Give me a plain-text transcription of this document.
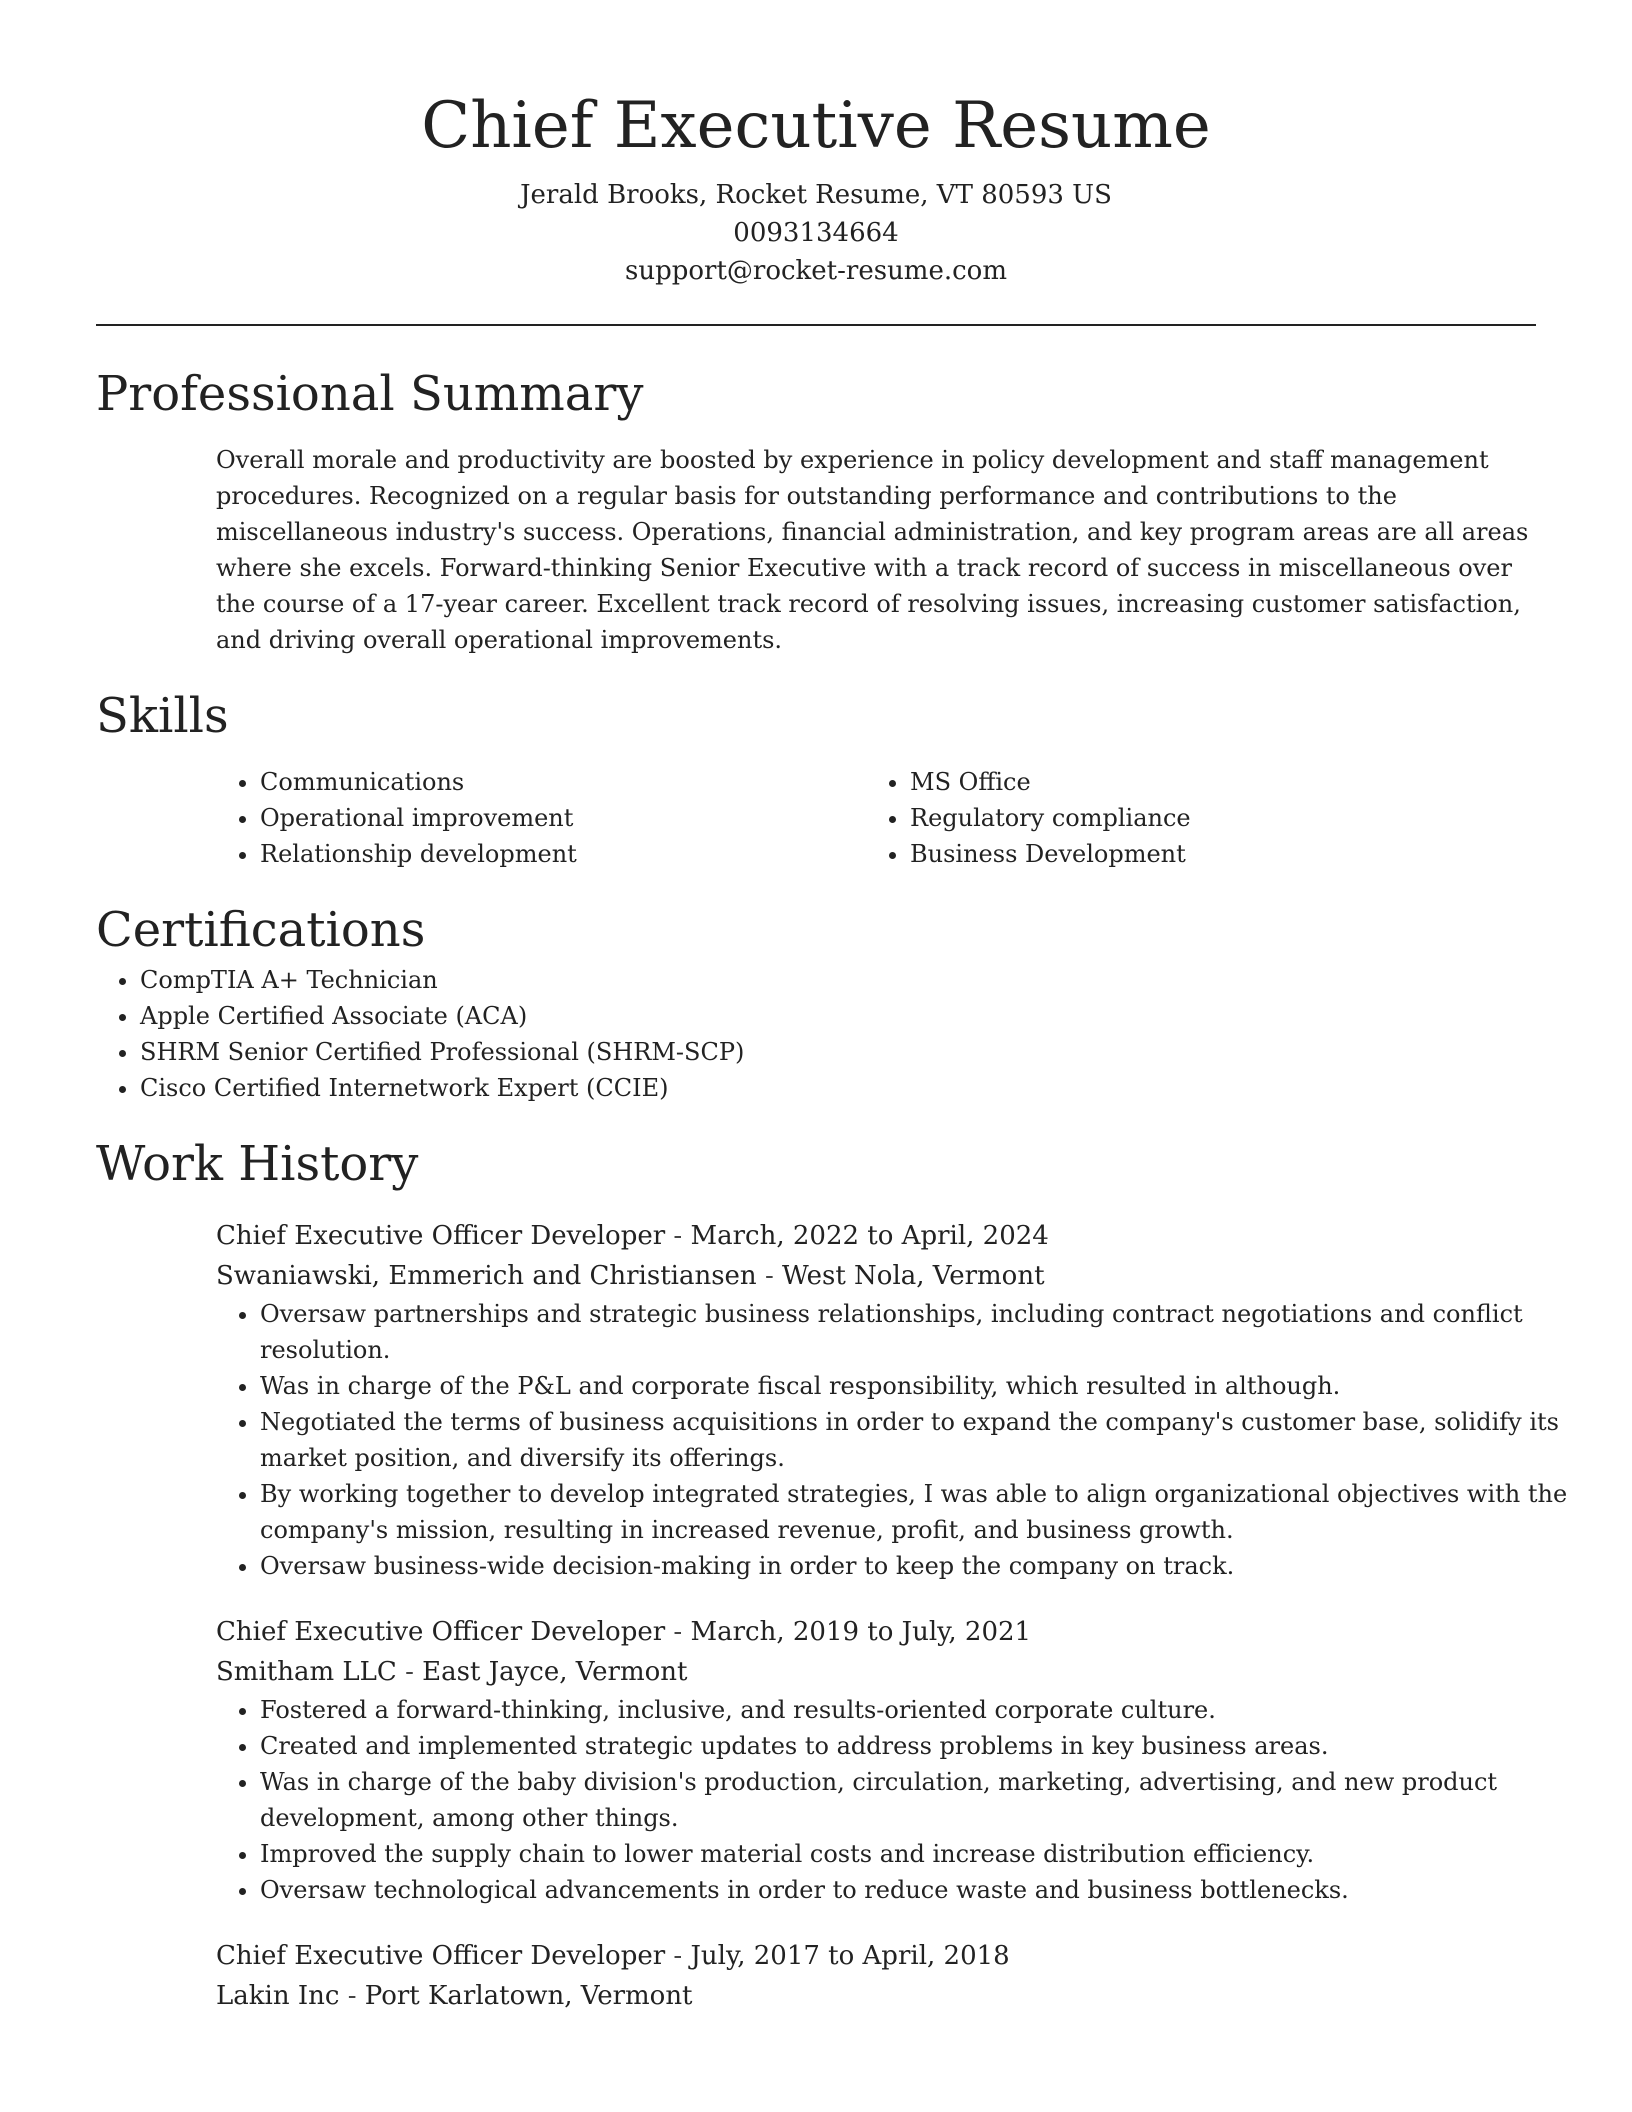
Chief Executive Resume

Jerald Brooks, Rocket Resume, VT 80593 US

0093134664

support@rocket-resume.com

Professional Summary

Overall morale and productivity are boosted by experience in policy development and staff management procedures. Recognized on a regular basis for outstanding performance and contributions to the miscellaneous industry's success. Operations, financial administration, and key program areas are all areas where she excels. Forward-thinking Senior Executive with a track record of success in miscellaneous over the course of a 17-year career. Excellent track record of resolving issues, increasing customer satisfaction, and driving overall operational improvements.

Skills
• Communications
• Operational improvement
• Relationship development
• MS Office
• Regulatory compliance
• Business Development
Certifications
• CompTIA A+ Technician
• Apple Certified Associate (ACA)
• SHRM Senior Certified Professional (SHRM-SCP)
• Cisco Certified Internetwork Expert (CCIE)
Work History

Chief Executive Officer Developer - March, 2022 to April, 2024

Swaniawski, Emmerich and Christiansen - West Nola, Vermont

• Oversaw partnerships and strategic business relationships, including contract negotiations and conflict resolution.
• Was in charge of the P&L and corporate fiscal responsibility, which resulted in although.
• Negotiated the terms of business acquisitions in order to expand the company's customer base, solidify its market position, and diversify its offerings.
• By working together to develop integrated strategies, I was able to align organizational objectives with the company's mission, resulting in increased revenue, profit, and business growth.
• Oversaw business-wide decision-making in order to keep the company on track.

Chief Executive Officer Developer - March, 2019 to July, 2021

Smitham LLC - East Jayce, Vermont

• Fostered a forward-thinking, inclusive, and results-oriented corporate culture.
• Created and implemented strategic updates to address problems in key business areas.
• Was in charge of the baby division's production, circulation, marketing, advertising, and new product development, among other things.
• Improved the supply chain to lower material costs and increase distribution efficiency.
• Oversaw technological advancements in order to reduce waste and business bottlenecks.

Chief Executive Officer Developer - July, 2017 to April, 2018

Lakin Inc - Port Karlatown, Vermont
